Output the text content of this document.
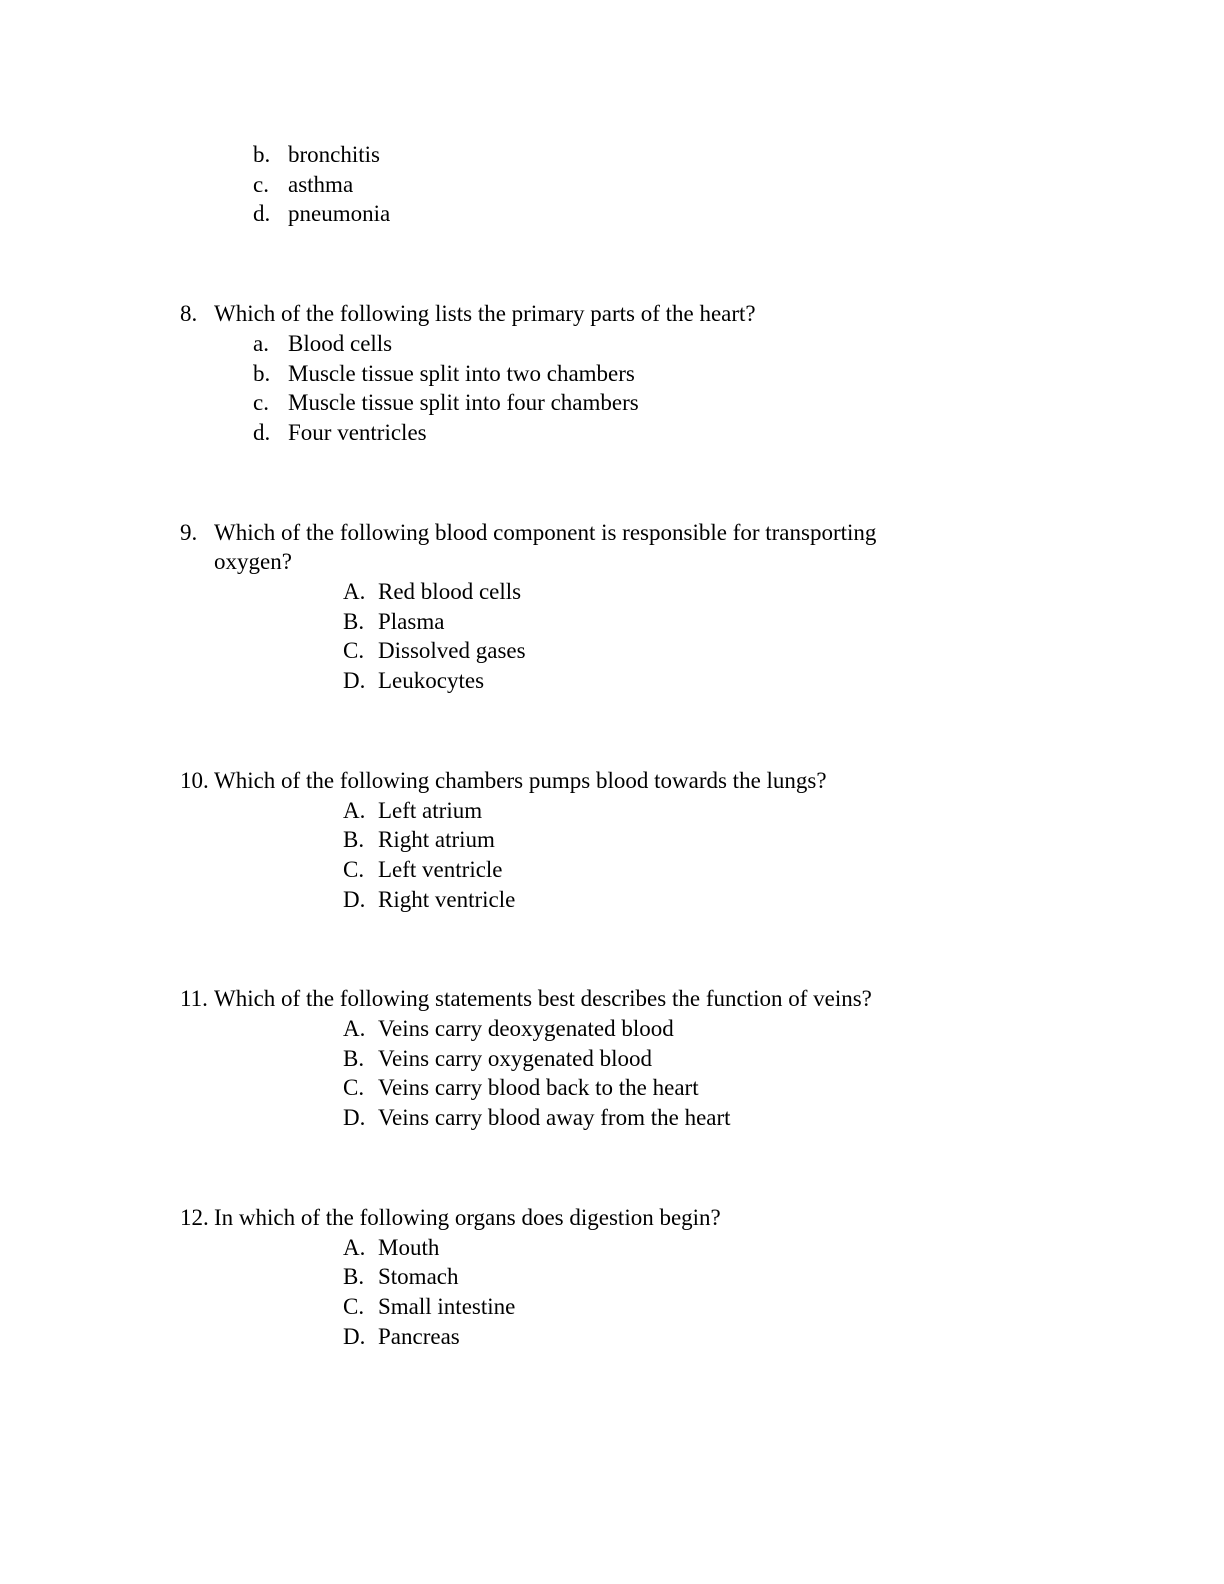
b. bronchitis
c. asthma
d. pneumonia
8. Which of the following lists the primary parts of the heart?
a. Blood cells
b. Muscle tissue split into two chambers
c. Muscle tissue split into four chambers
d. Four ventricles
9. Which of the following blood component is responsible for transporting oxygen?
A. Red blood cells
B. Plasma
C. Dissolved gases
D. Leukocytes
10. Which of the following chambers pumps blood towards the lungs?
A. Left atrium
B. Right atrium
C. Left ventricle
D. Right ventricle
11. Which of the following statements best describes the function of veins?
A. Veins carry deoxygenated blood
B. Veins carry oxygenated blood
C. Veins carry blood back to the heart
D. Veins carry blood away from the heart
12. In which of the following organs does digestion begin?
A. Mouth
B. Stomach
C. Small intestine
D. Pancreas
